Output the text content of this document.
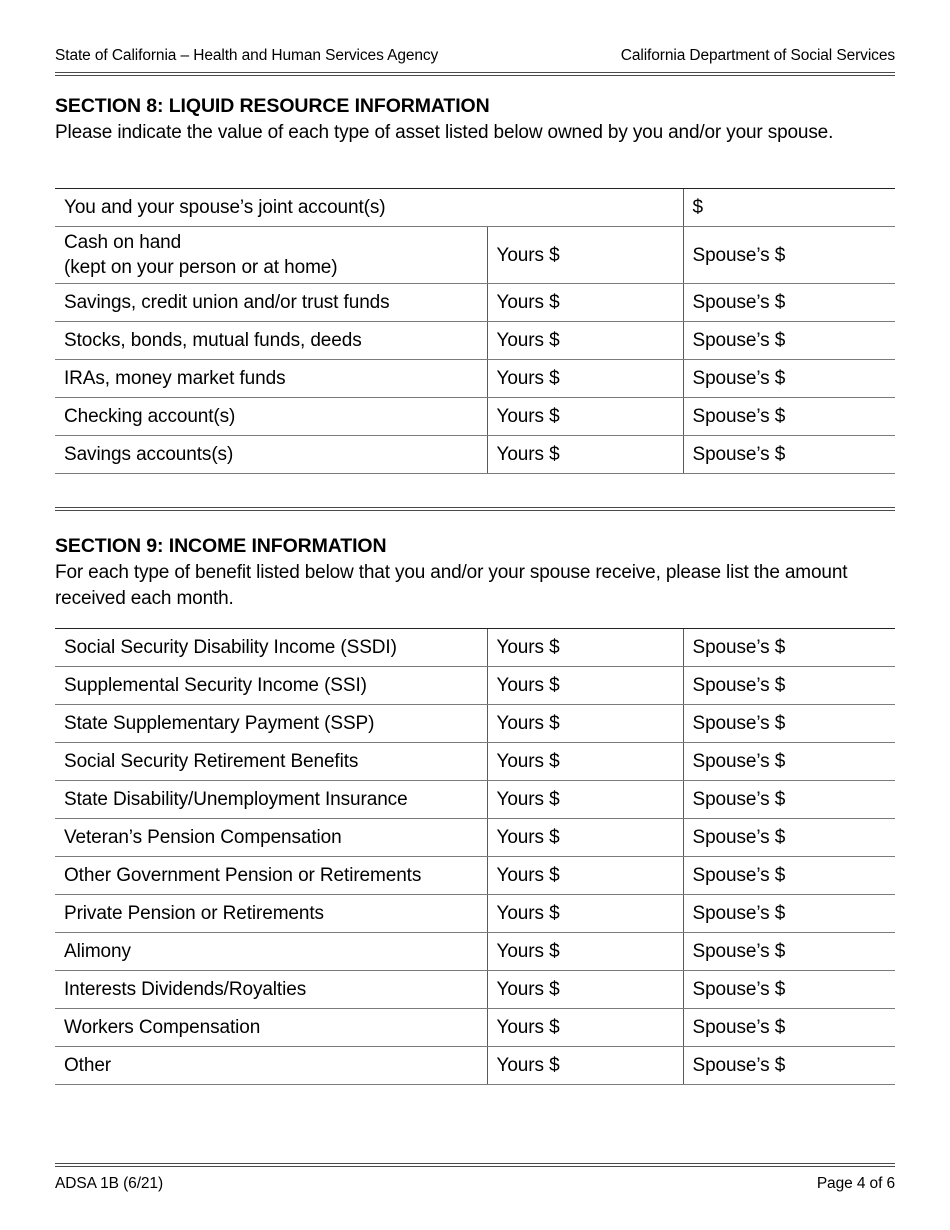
State of California – Health and Human Services Agency	California Department of Social Services

SECTION 8: LIQUID RESOURCE INFORMATION

Please indicate the value of each type of asset listed below owned by you and/or your spouse.

You and your spouse’s joint account(s)		$

Cash on hand
(kept on your person or at home)	Yours $	Spouse’s $
Savings, credit union and/or trust funds	Yours $	Spouse’s $
Stocks, bonds, mutual funds, deeds	Yours $	Spouse’s $
IRAs, money market funds	Yours $	Spouse’s $
Checking account(s)	Yours $	Spouse’s $
Savings accounts(s)	Yours $	Spouse’s $

SECTION 9: INCOME INFORMATION

For each type of benefit listed below that you and/or your spouse receive, please list the amount received each month.

Social Security Disability Income (SSDI)	Yours $	Spouse’s $
Supplemental Security Income (SSI)	Yours $	Spouse’s $
State Supplementary Payment (SSP)	Yours $	Spouse’s $
Social Security Retirement Benefits	Yours $	Spouse’s $
State Disability/Unemployment Insurance	Yours $	Spouse’s $
Veteran’s Pension Compensation	Yours $	Spouse’s $
Other Government Pension or Retirements	Yours $	Spouse’s $
Private Pension or Retirements	Yours $	Spouse’s $
Alimony	Yours $	Spouse’s $
Interests Dividends/Royalties	Yours $	Spouse’s $
Workers Compensation	Yours $	Spouse’s $
Other	Yours $	Spouse’s $
ADSA 1B (6/21)	Page 4 of 6
